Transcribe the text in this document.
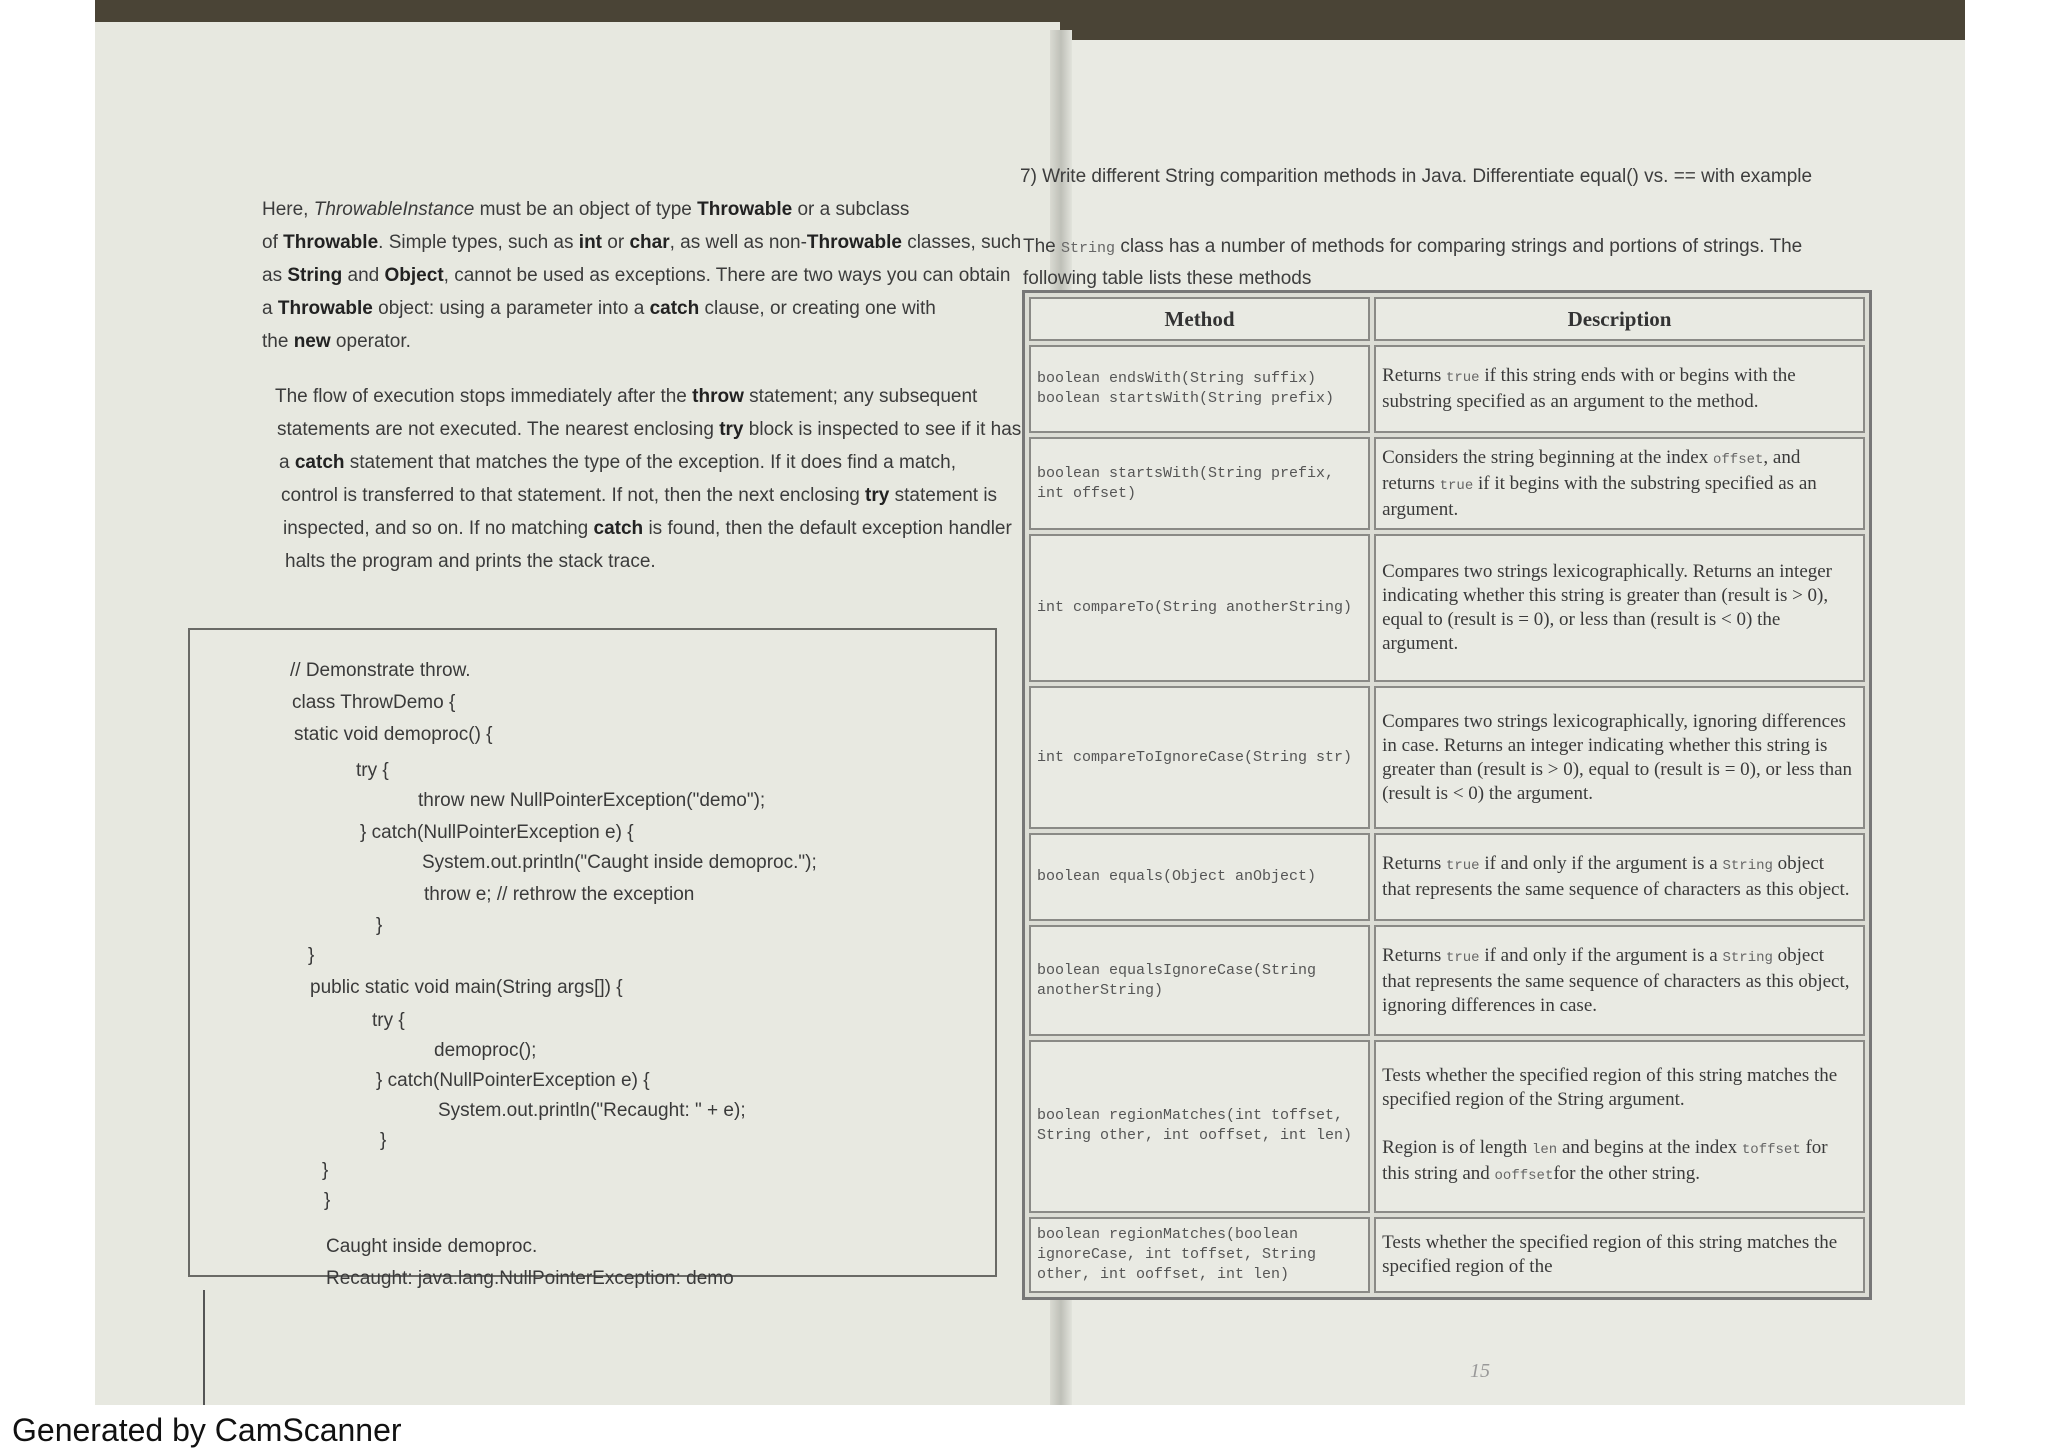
Here, ThrowableInstance must be an object of type Throwable or a subclass
of Throwable. Simple types, such as int or char, as well as non-Throwable classes, such
as String and Object, cannot be used as exceptions. There are two ways you can obtain
a Throwable object: using a parameter into a catch clause, or creating one with
the new operator.
The flow of execution stops immediately after the throw statement; any subsequent
statements are not executed. The nearest enclosing try block is inspected to see if it has
a catch statement that matches the type of the exception. If it does find a match,
control is transferred to that statement. If not, then the next enclosing try statement is
inspected, and so on. If no matching catch is found, then the default exception handler
halts the program and prints the stack trace.
// Demonstrate throw.
class ThrowDemo {
static void demoproc() {
try {
throw new NullPointerException("demo");
} catch(NullPointerException e) {
System.out.println("Caught inside demoproc.");
throw e; // rethrow the exception
}
}
public static void main(String args[]) {
try {
demoproc();
} catch(NullPointerException e) {
System.out.println("Recaught: " + e);
}
}
}
Caught inside demoproc.
Recaught: java.lang.NullPointerException: demo
7) Write different String comparition methods in Java. Differentiate equal() vs. == with example
The String class has a number of methods for comparing strings and portions of strings. The following table lists these methods
Method	Description
boolean endsWith(String suffix)
boolean startsWith(String prefix)	Returns true if this string ends with or begins with the substring specified as an argument to the method.
boolean startsWith(String prefix, int offset)	Considers the string beginning at the index offset, and returns true if it begins with the substring specified as an argument.
int compareTo(String anotherString)	Compares two strings lexicographically. Returns an integer indicating whether this string is greater than (result is > 0), equal to (result is = 0), or less than (result is < 0) the argument.
int compareToIgnoreCase(String str)	Compares two strings lexicographically, ignoring differences in case. Returns an integer indicating whether this string is greater than (result is > 0), equal to (result is = 0), or less than (result is < 0) the argument.
boolean equals(Object anObject)	Returns true if and only if the argument is a String object that represents the same sequence of characters as this object.
boolean equalsIgnoreCase(String anotherString)	Returns true if and only if the argument is a String object that represents the same sequence of characters as this object, ignoring differences in case.
boolean regionMatches(int toffset, String other, int ooffset, int len)	Tests whether the specified region of this string matches the specified region of the String argument.

Region is of length len and begins at the index toffset for this string and ooffsetfor the other string.
boolean regionMatches(boolean ignoreCase, int toffset, String other, int ooffset, int len)	Tests whether the specified region of this string matches the specified region of the
15
Generated by CamScanner
